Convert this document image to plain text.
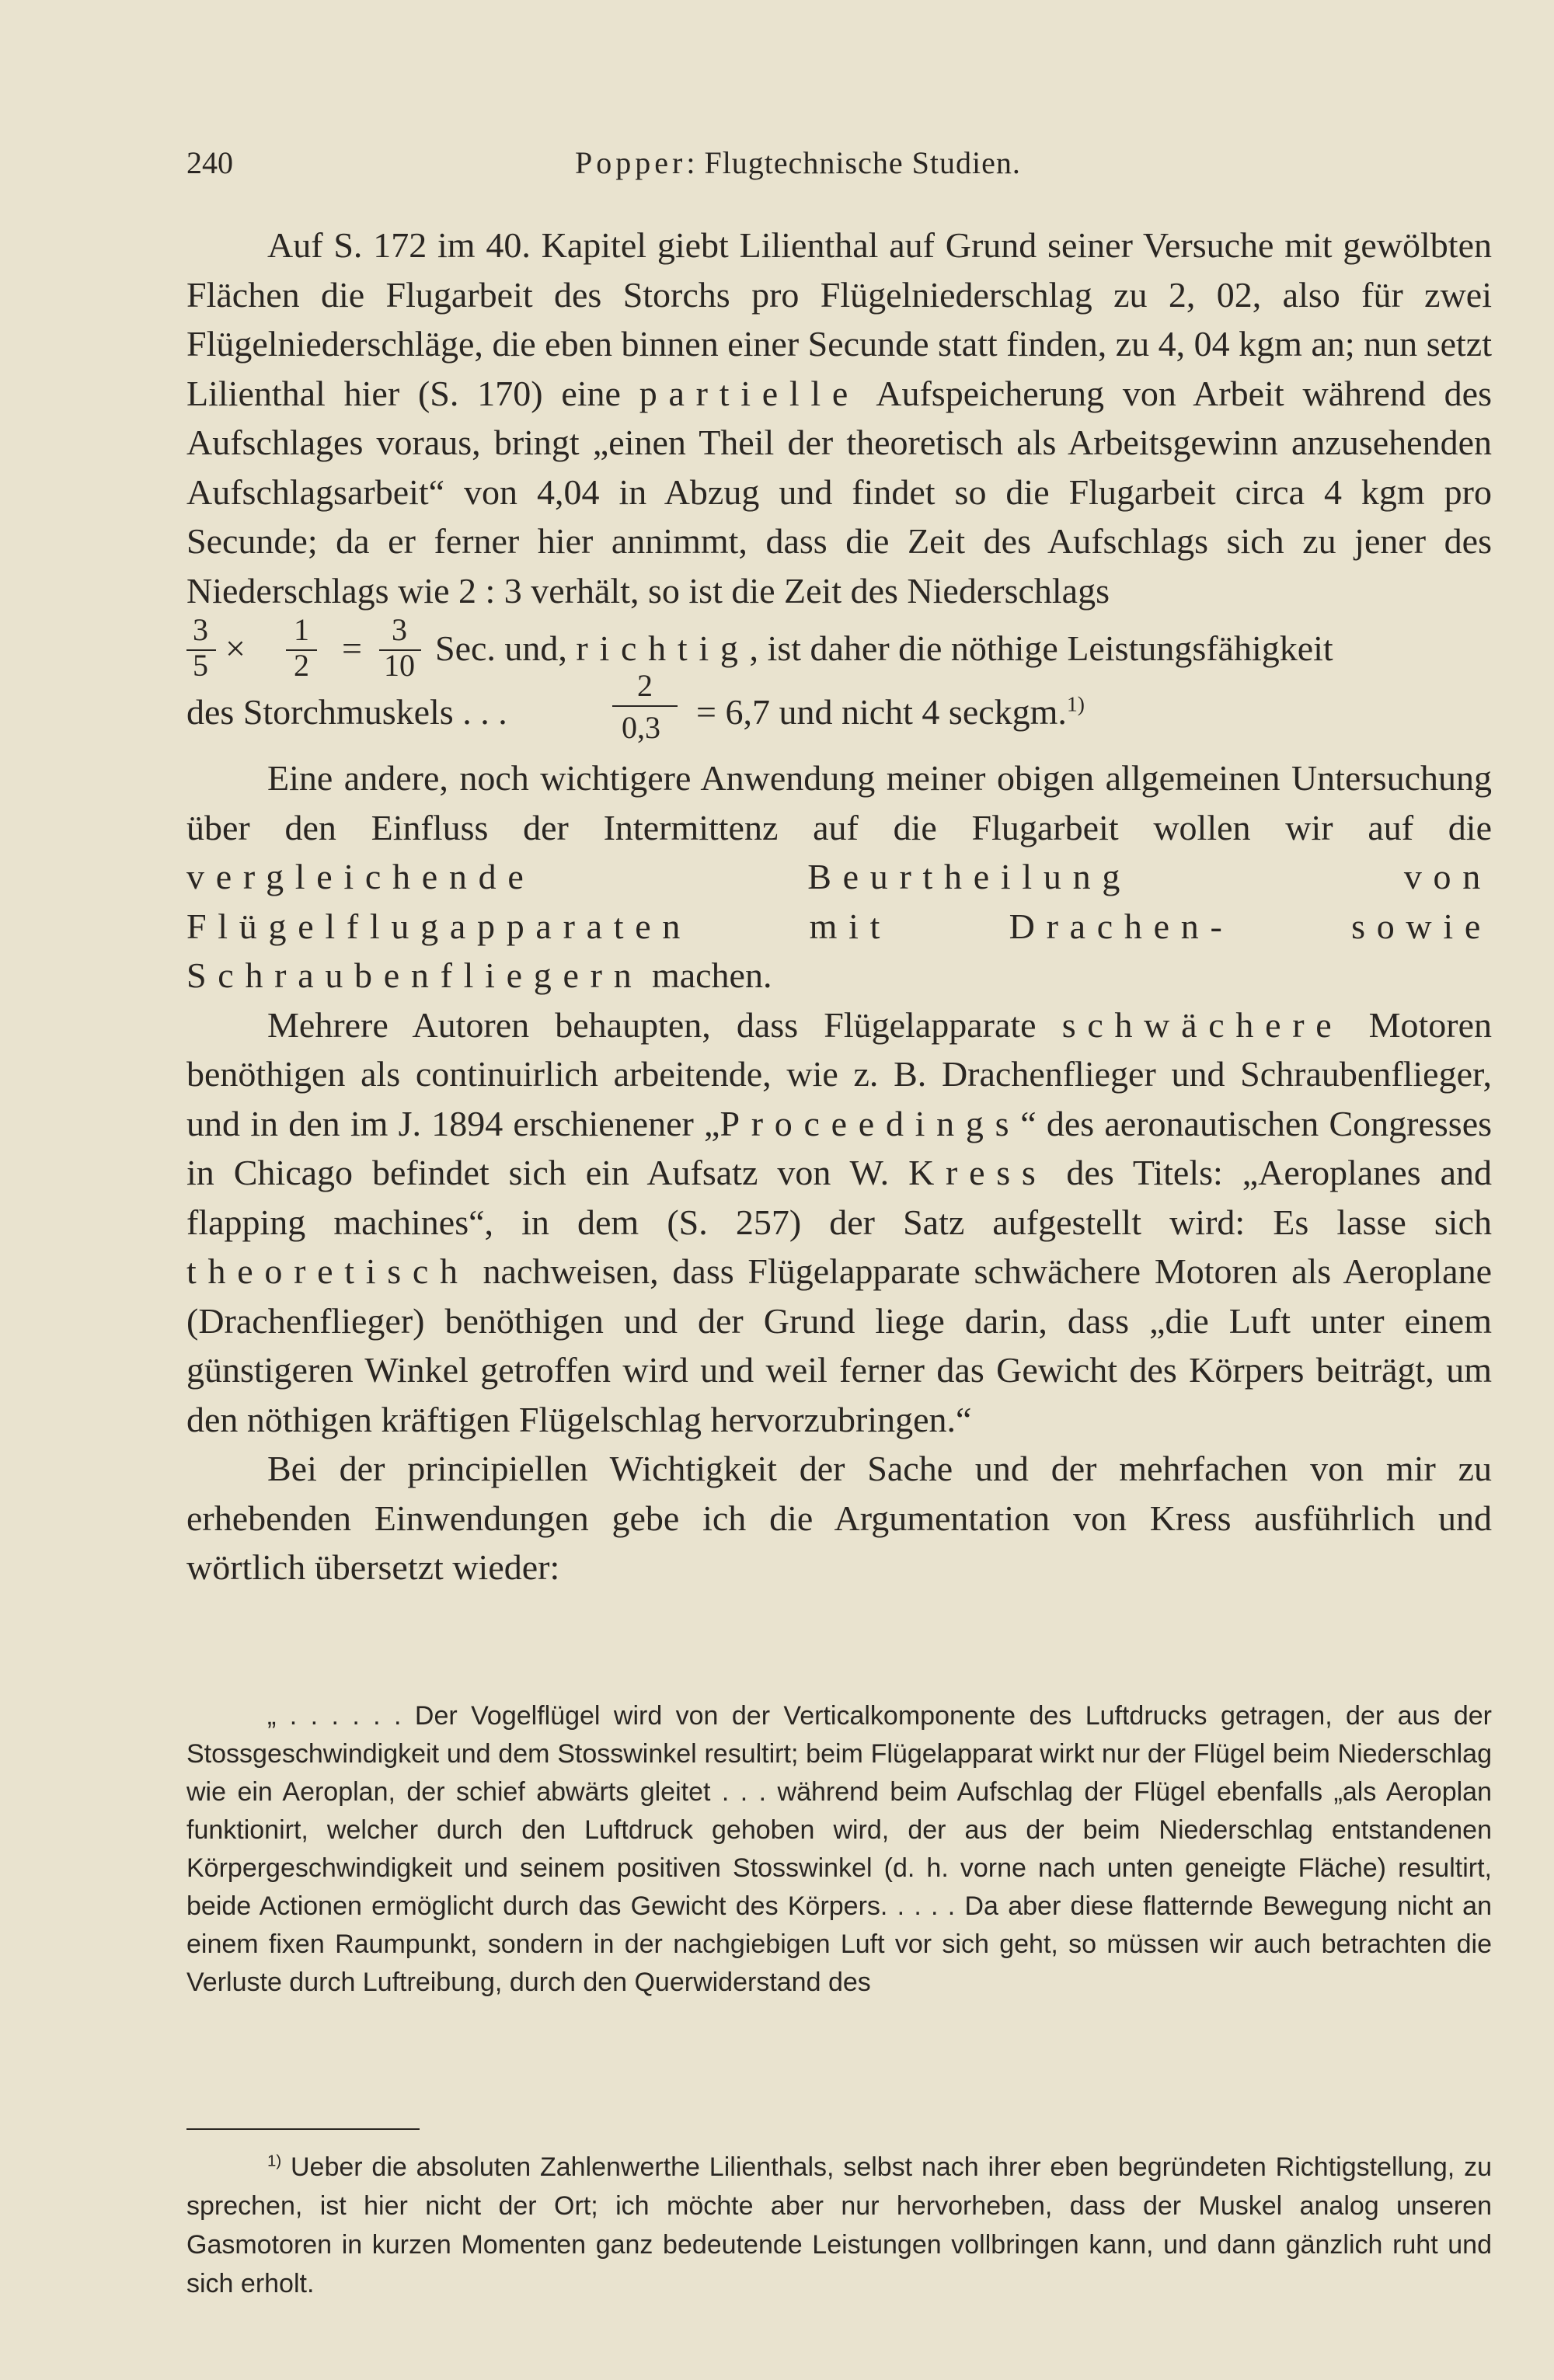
240	Popper: Flugtechnische Studien.

Auf S. 172 im 40. Kapitel giebt Lilienthal auf Grund seiner Versuche mit gewölbten Flächen die Flugarbeit des Storchs pro Flügelniederschlag zu 2, 02, also für zwei Flügelniederschläge, die eben binnen einer Secunde statt finden, zu 4, 04 kgm an; nun setzt Lilienthal hier (S. 170) eine partielle Aufspeicherung von Arbeit während des Aufschlages voraus, bringt „einen Theil der theoretisch als Arbeitsgewinn anzusehenden Aufschlagsarbeit“ von 4,04 in Abzug und findet so die Flugarbeit circa 4 kgm pro Secunde; da er ferner hier annimmt, dass die Zeit des Aufschlags sich zu jener des Niederschlags wie 2 : 3 verhält, so ist die Zeit des Niederschlags

3
5 × 1
2 = 3
10 Sec. und, richtig, ist daher die nöthige Leistungsfähigkeit
des Storchmuskels . . .
2
0,3 = 6,7 und nicht 4 seckgm.$^{1)}$

Eine andere, noch wichtigere Anwendung meiner obigen allgemeinen Untersuchung über den Einfluss der Intermittenz auf die Flugarbeit wollen wir auf die vergleichende Beurtheilung von Flügelflugapparaten mit Drachen- sowie Schraubenfliegern machen.

Mehrere Autoren behaupten, dass Flügelapparate schwächere Motoren benöthigen als continuirlich arbeitende, wie z. B. Drachenflieger und Schraubenflieger, und in den im J. 1894 erschienener „Proceedings“ des aeronautischen Congresses in Chicago befindet sich ein Aufsatz von W. Kress des Titels: „Aeroplanes and flapping machines“, in dem (S. 257) der Satz aufgestellt wird: Es lasse sich theoretisch nachweisen, dass Flügelapparate schwächere Motoren als Aeroplane (Drachenflieger) benöthigen und der Grund liege darin, dass „die Luft unter einem günstigeren Winkel getroffen wird und weil ferner das Gewicht des Körpers beiträgt, um den nöthigen kräftigen Flügelschlag hervorzubringen.“

Bei der principiellen Wichtigkeit der Sache und der mehrfachen von mir zu erhebenden Einwendungen gebe ich die Argumentation von Kress ausführlich und wörtlich übersetzt wieder:

„ . . . . . . Der Vogelflügel wird von der Verticalkomponente des Luftdrucks getragen, der aus der Stossgeschwindigkeit und dem Stosswinkel resultirt; beim Flügelapparat wirkt nur der Flügel beim Niederschlag wie ein Aeroplan, der schief abwärts gleitet . . . während beim Aufschlag der Flügel ebenfalls „als Aeroplan funktionirt, welcher durch den Luftdruck gehoben wird, der aus der beim Niederschlag entstandenen Körpergeschwindigkeit und seinem positiven Stosswinkel (d. h. vorne nach unten geneigte Fläche) resultirt, beide Actionen ermöglicht durch das Gewicht des Körpers. . . . . Da aber diese flatternde Bewegung nicht an einem fixen Raumpunkt, sondern in der nachgiebigen Luft vor sich geht, so müssen wir auch betrachten die Verluste durch Luftreibung, durch den Querwiderstand des

$^{1)}$ Ueber die absoluten Zahlenwerthe Lilienthals, selbst nach ihrer eben begründeten Richtigstellung, zu sprechen, ist hier nicht der Ort; ich möchte aber nur hervorheben, dass der Muskel analog unseren Gasmotoren in kurzen Momenten ganz bedeutende Leistungen vollbringen kann, und dann gänzlich ruht und sich erholt.
